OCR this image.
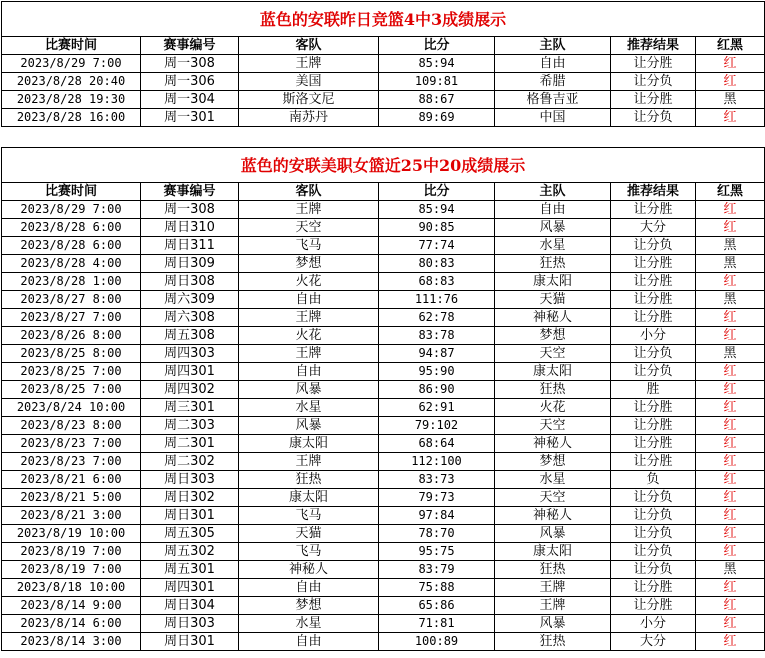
蓝色的安联昨日竞篮4中3成绩展示						
比赛时间	赛事编号	客队	比分	主队	推荐结果	红黑
2023/8/29 7:00	周一308	王牌	85:94	自由	让分胜	红
2023/8/28 20:40	周一306	美国	109:81	希腊	让分负	红
2023/8/28 19:30	周一304	斯洛文尼	88:67	格鲁吉亚	让分胜	黑
2023/8/28 16:00	周一301	南苏丹	89:69	中国	让分负	红
蓝色的安联美职女篮近25中20成绩展示						
比赛时间	赛事编号	客队	比分	主队	推荐结果	红黑
2023/8/29 7:00	周一308	王牌	85:94	自由	让分胜	红
2023/8/28 6:00	周日310	天空	90:85	风暴	大分	红
2023/8/28 6:00	周日311	飞马	77:74	水星	让分负	黑
2023/8/28 4:00	周日309	梦想	80:83	狂热	让分胜	黑
2023/8/28 1:00	周日308	火花	68:83	康太阳	让分胜	红
2023/8/27 8:00	周六309	自由	111:76	天猫	让分胜	黑
2023/8/27 7:00	周六308	王牌	62:78	神秘人	让分胜	红
2023/8/26 8:00	周五308	火花	83:78	梦想	小分	红
2023/8/25 8:00	周四303	王牌	94:87	天空	让分负	黑
2023/8/25 7:00	周四301	自由	95:90	康太阳	让分负	红
2023/8/25 7:00	周四302	风暴	86:90	狂热	胜	红
2023/8/24 10:00	周三301	水星	62:91	火花	让分胜	红
2023/8/23 8:00	周二303	风暴	79:102	天空	让分胜	红
2023/8/23 7:00	周二301	康太阳	68:64	神秘人	让分胜	红
2023/8/23 7:00	周二302	王牌	112:100	梦想	让分胜	红
2023/8/21 6:00	周日303	狂热	83:73	水星	负	红
2023/8/21 5:00	周日302	康太阳	79:73	天空	让分负	红
2023/8/21 3:00	周日301	飞马	97:84	神秘人	让分负	红
2023/8/19 10:00	周五305	天猫	78:70	风暴	让分负	红
2023/8/19 7:00	周五302	飞马	95:75	康太阳	让分负	红
2023/8/19 7:00	周五301	神秘人	83:79	狂热	让分负	黑
2023/8/18 10:00	周四301	自由	75:88	王牌	让分胜	红
2023/8/14 9:00	周日304	梦想	65:86	王牌	让分胜	红
2023/8/14 6:00	周日303	水星	71:81	风暴	小分	红
2023/8/14 3:00	周日301	自由	100:89	狂热	大分	红
